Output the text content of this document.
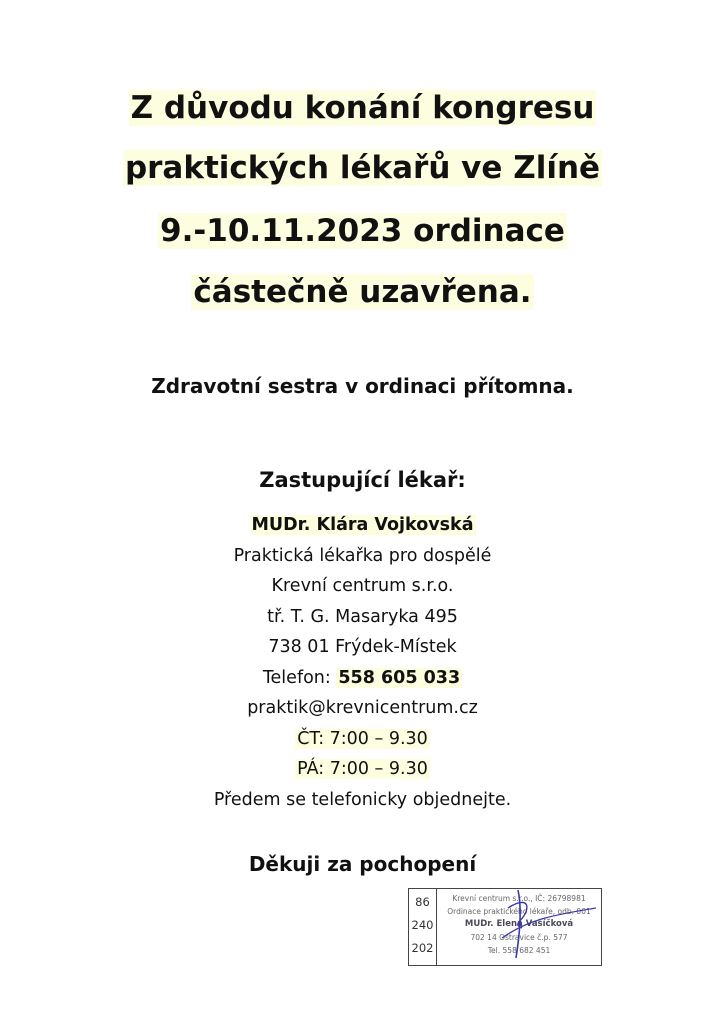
Z důvodu konání kongresu
praktických lékařů ve Zlíně
9.-10.11.2023 ordinace
částečně uzavřena.

Zdravotní sestra v ordinaci přítomna.

Zastupující lékař:

MUDr. Klára Vojkovská
Praktická lékařka pro dospělé
Krevní centrum s.r.o.
tř. T. G. Masaryka 495
738 01 Frýdek-Místek
Telefon: 558 605 033
praktik@krevnicentrum.cz
ČT: 7:00 – 9.30
PÁ: 7:00 – 9.30
Předem se telefonicky objednejte.

Děkuji za pochopení

86
240
202
Krevní centrum s.r.o., IČ: 26798981
Ordinace praktického lékaře, odb. 001
MUDr. Elena Vašíčková
702 14 Ostravice č.p. 577
Tel. 558 682 451
